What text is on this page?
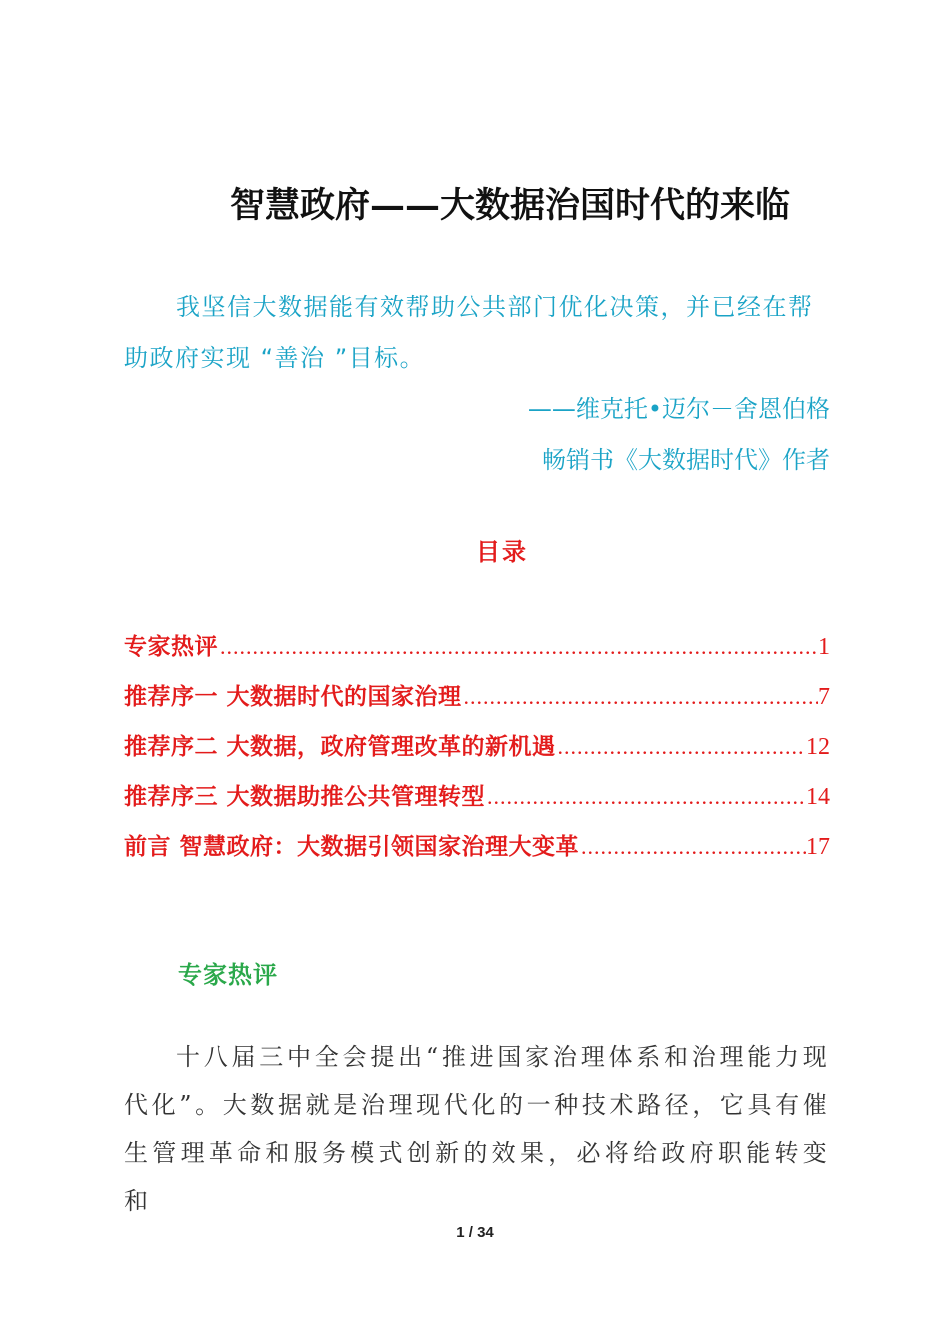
智慧政府——大数据治国时代的来临

我坚信大数据能有效帮助公共部门优化决策，并已经在帮助政府实现 “善治 ”目标。

——维克托•迈尔－舍恩伯格

畅销书《大数据时代》作者

目录
专家热评 .....	1
推荐序一 大数据时代的国家治理 .....	7
推荐序二 大数据，政府管理改革的新机遇 .....	12
推荐序三 大数据助推公共管理转型 .....	14
前言 智慧政府：大数据引领国家治理大变革 .....	17
专家热评
十八届三中全会提出“推进国家治理体系和治理能力现代化”。大数据就是治理现代化的一种技术路径，它具有催生管理革命和服务模式创新的效果，必将给政府职能转变和
1 / 34
